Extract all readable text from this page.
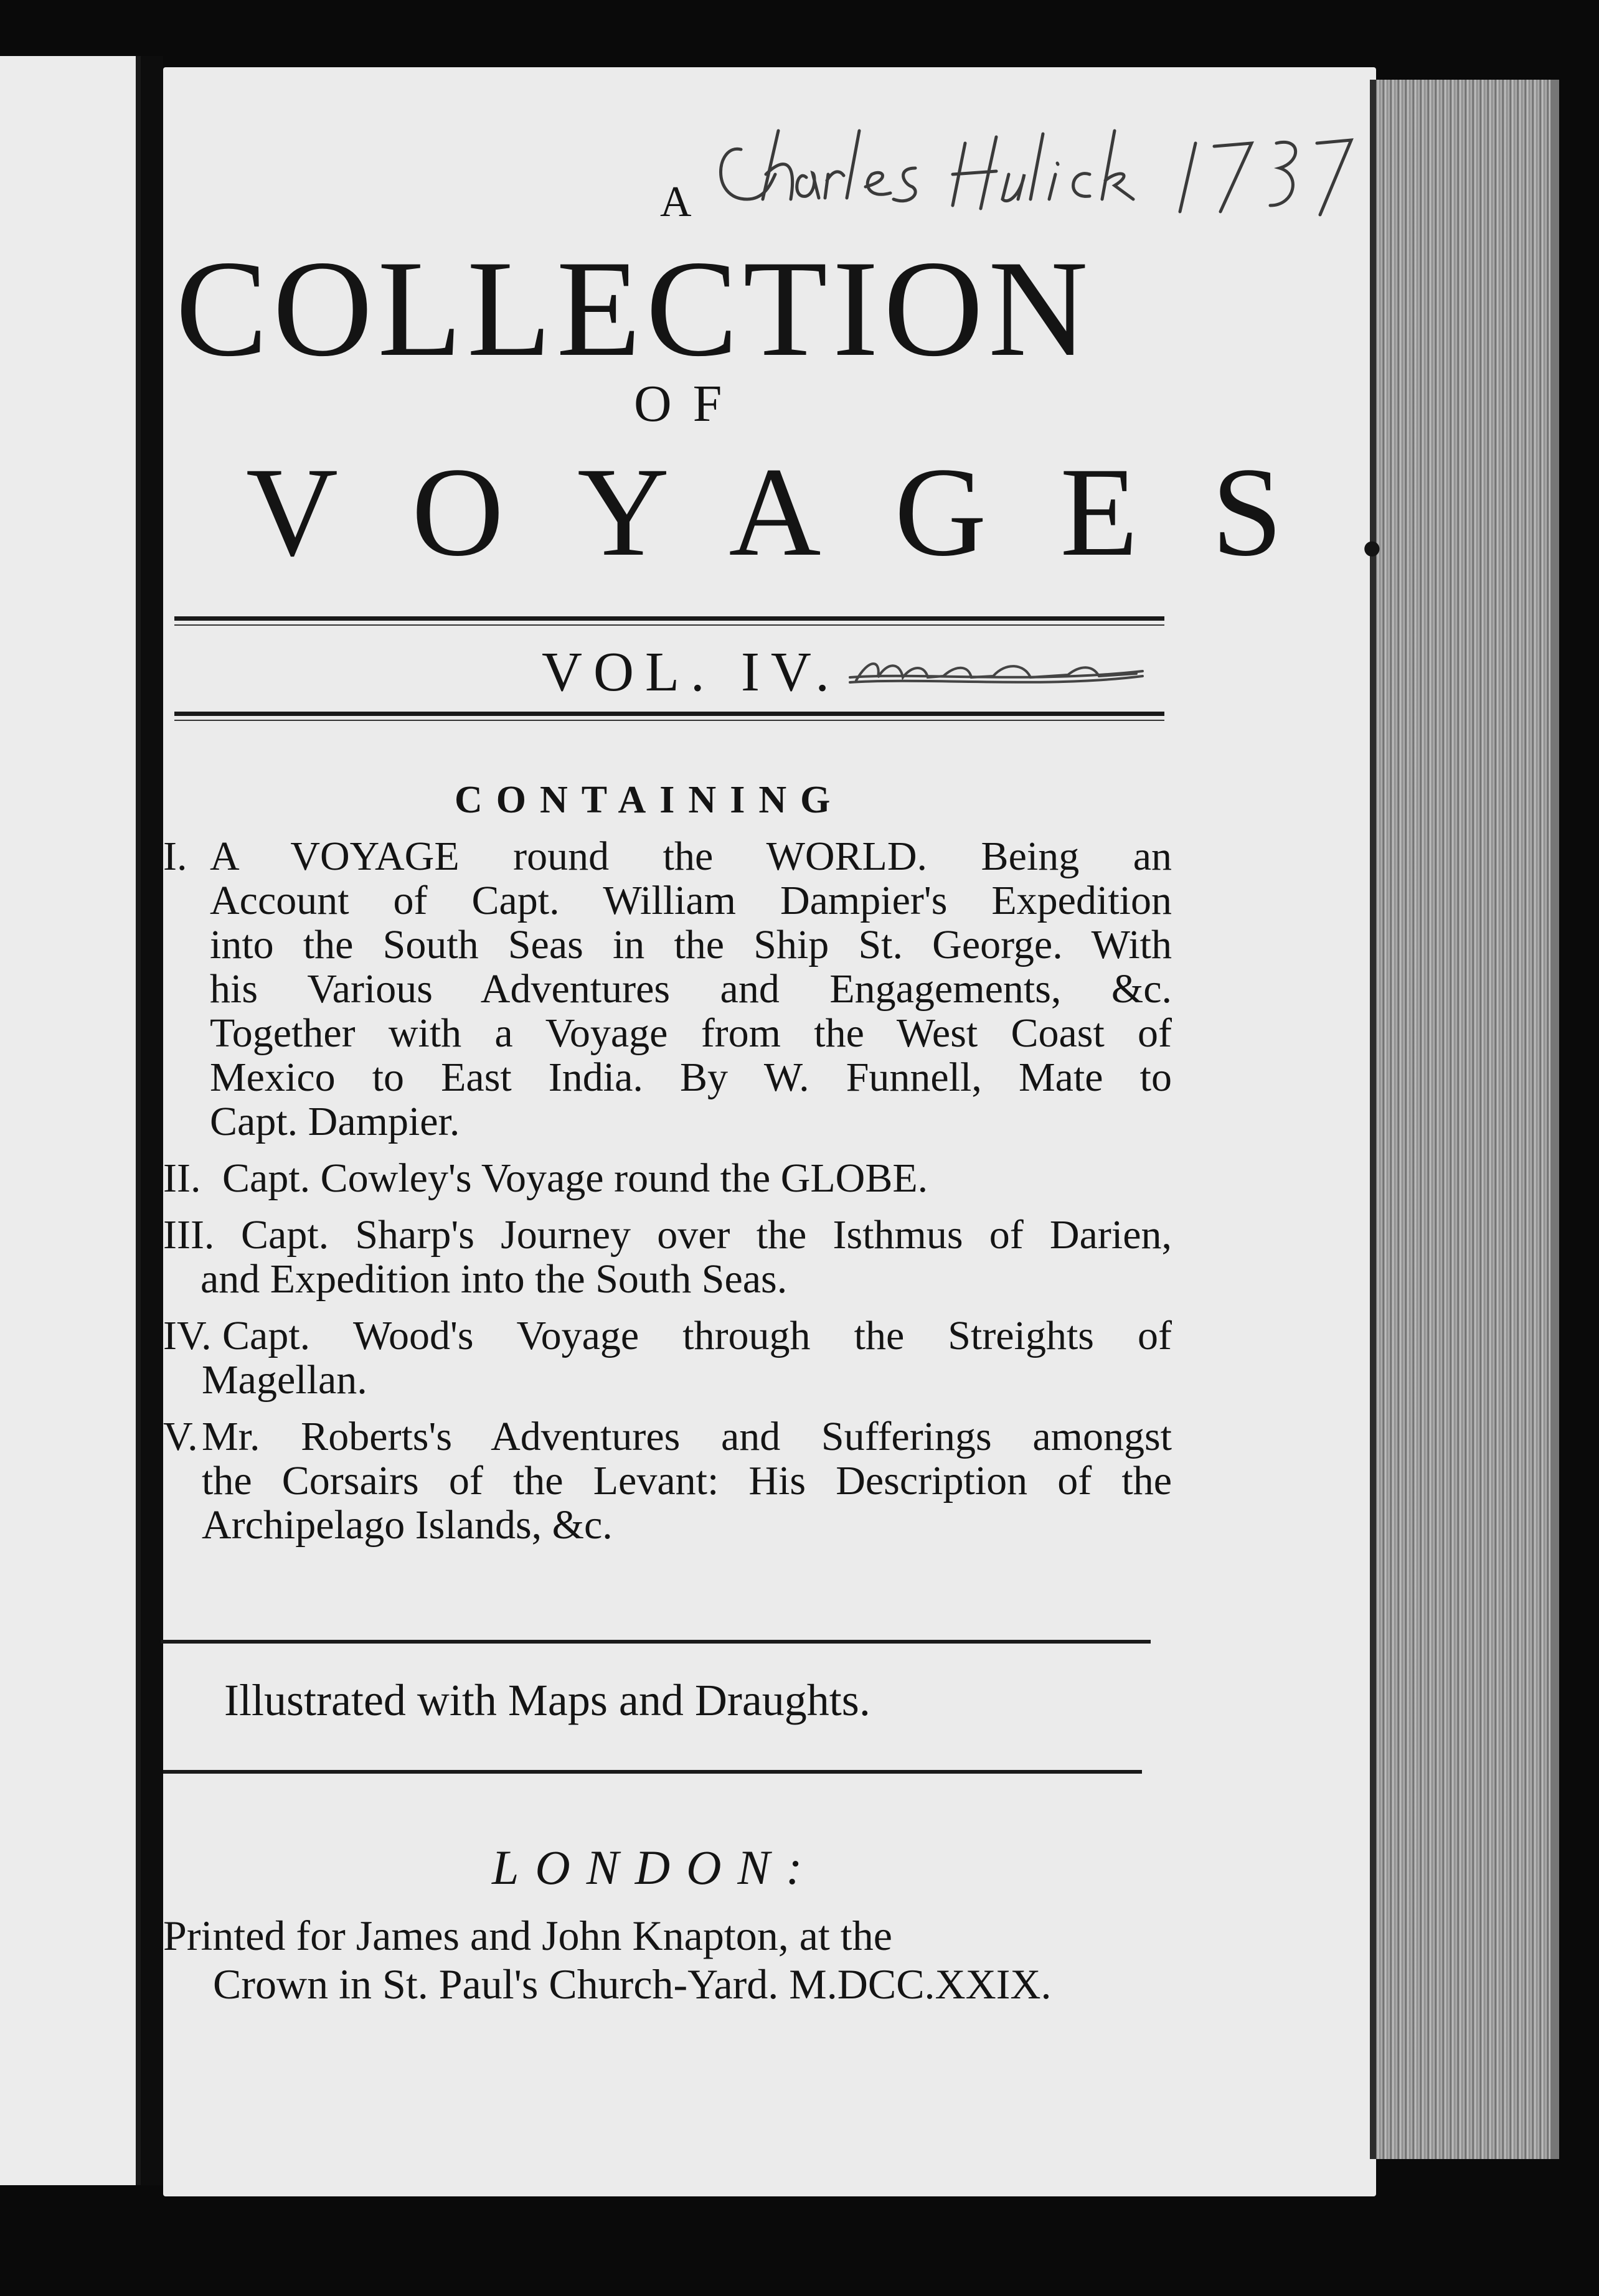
A
COLLECTION
OF
VOYAGES.
VOL. IV.
CONTAINING
I. A VOYAGE round the WORLD. Being an
Account of Capt. William Dampier's Expedition
into the South Seas in the Ship St. George. With
his Various Adventures and Engagements, &c.
Together with a Voyage from the West Coast of
Mexico to East India. By W. Funnell, Mate to
Capt. Dampier.
II. Capt. Cowley's Voyage round the GLOBE.
III. Capt. Sharp's Journey over the Isthmus of Darien,
and Expedition into the South Seas.
IV. Capt. Wood's Voyage through the Streights of
Magellan.
V. Mr. Roberts's Adventures and Sufferings amongst
the Corsairs of the Levant: His Description of the
Archipelago Islands, &c.
Illustrated with Maps and Draughts.
LONDON:
Printed for James and John Knapton, at the
Crown in St. Paul's Church-Yard. M.DCC.XXIX.
